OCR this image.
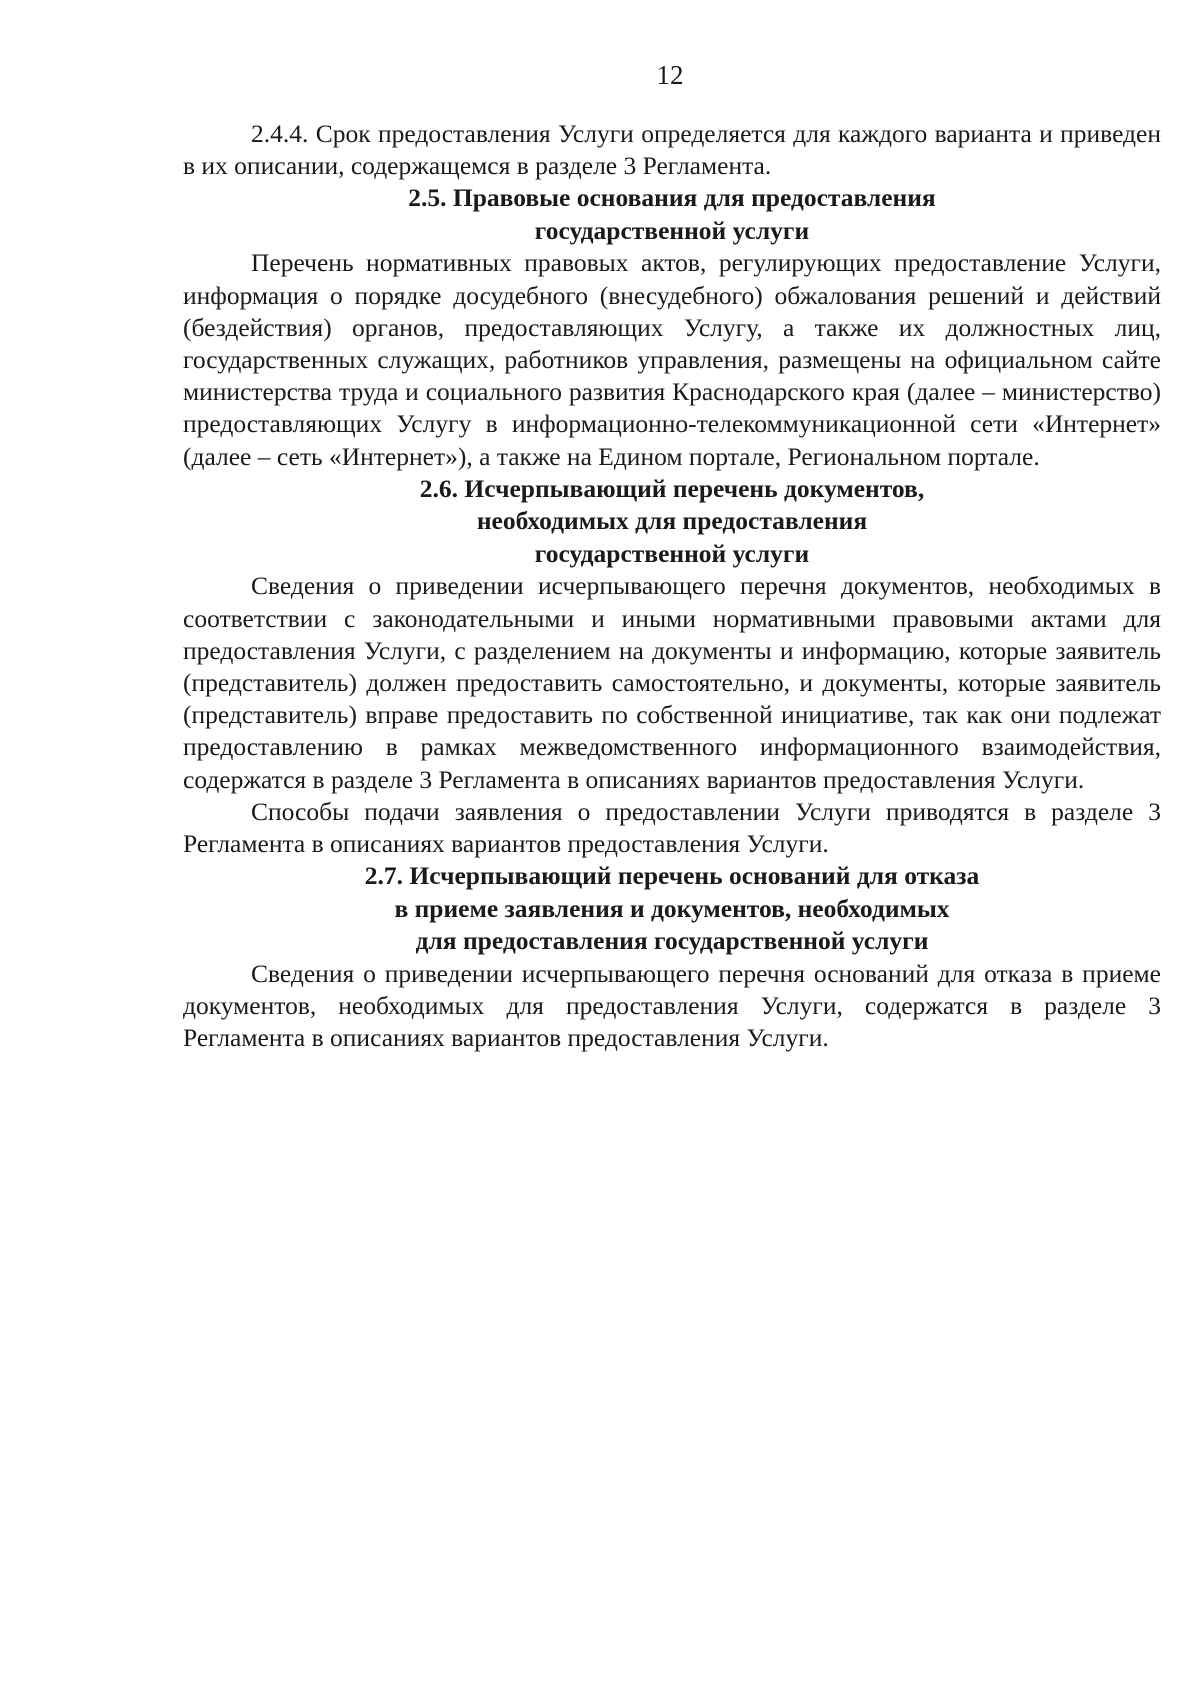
12

2.4.4. Срок предоставления Услуги определяется для каждого варианта и приведен в их описании, содержащемся в разделе 3 Регламента.

2.5. Правовые основания для предоставления
государственной услуги

Перечень нормативных правовых актов, регулирующих предоставление Услуги, информация о порядке досудебного (внесудебного) обжалования решений и действий (бездействия) органов, предоставляющих Услугу, а также их должностных лиц, государственных служащих, работников управления, размещены на официальном сайте министерства труда и социального развития Краснодарского края (далее – министерство) предоставляющих Услугу в информационно-телекоммуникационной сети «Интернет» (далее – сеть «Интернет»), а также на Едином портале, Региональном портале.

2.6. Исчерпывающий перечень документов,
необходимых для предоставления
государственной услуги

Сведения о приведении исчерпывающего перечня документов, необходимых в соответствии с законодательными и иными нормативными правовыми актами для предоставления Услуги, с разделением на документы и информацию, которые заявитель (представитель) должен предоставить самостоятельно, и документы, которые заявитель (представитель) вправе предоставить по собственной инициативе, так как они подлежат предоставлению в рамках межведомственного информационного взаимодействия, содержатся в разделе 3 Регламента в описаниях вариантов предоставления Услуги.

Способы подачи заявления о предоставлении Услуги приводятся в разделе 3 Регламента в описаниях вариантов предоставления Услуги.

2.7. Исчерпывающий перечень оснований для отказа
в приеме заявления и документов, необходимых
для предоставления государственной услуги

Сведения о приведении исчерпывающего перечня оснований для отказа в приеме документов, необходимых для предоставления Услуги, содержатся в разделе 3 Регламента в описаниях вариантов предоставления Услуги.
